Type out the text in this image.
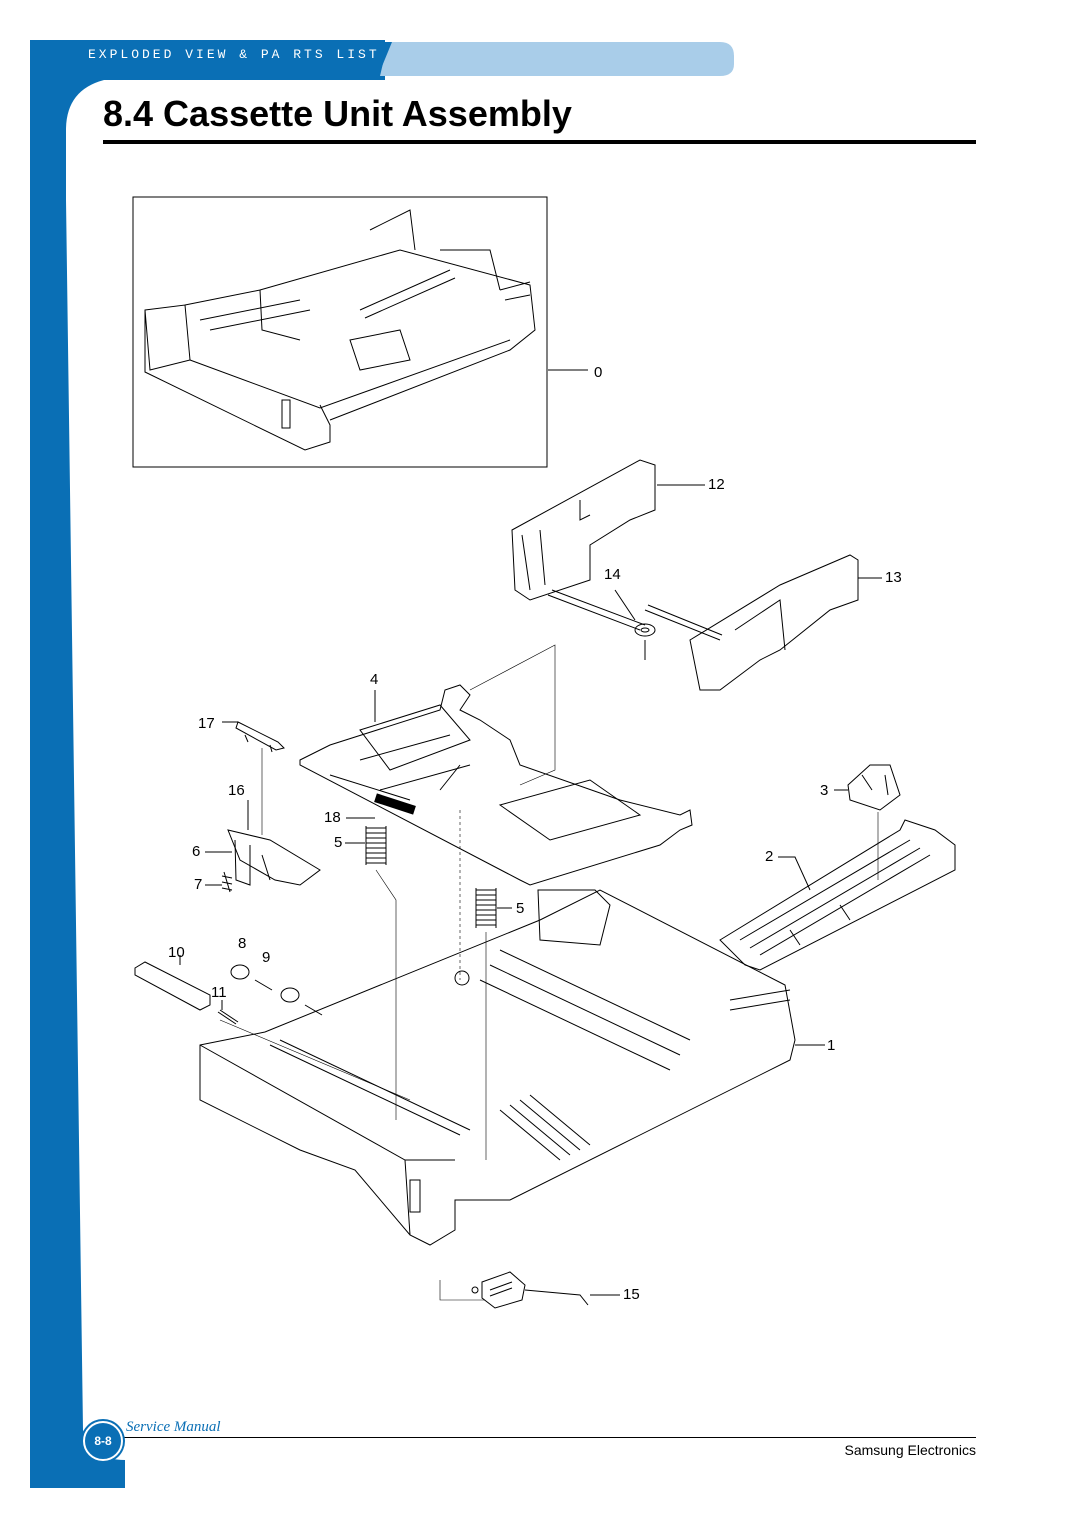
EXPLODED VIEW & PA RTS LIST
8.4 Cassette Unit Assembly
0
1
2
3
4
5
5
6
7
8
9
10
11
12
13
14
15
16
17
18
Service Manual
8-8
Samsung Electronics
